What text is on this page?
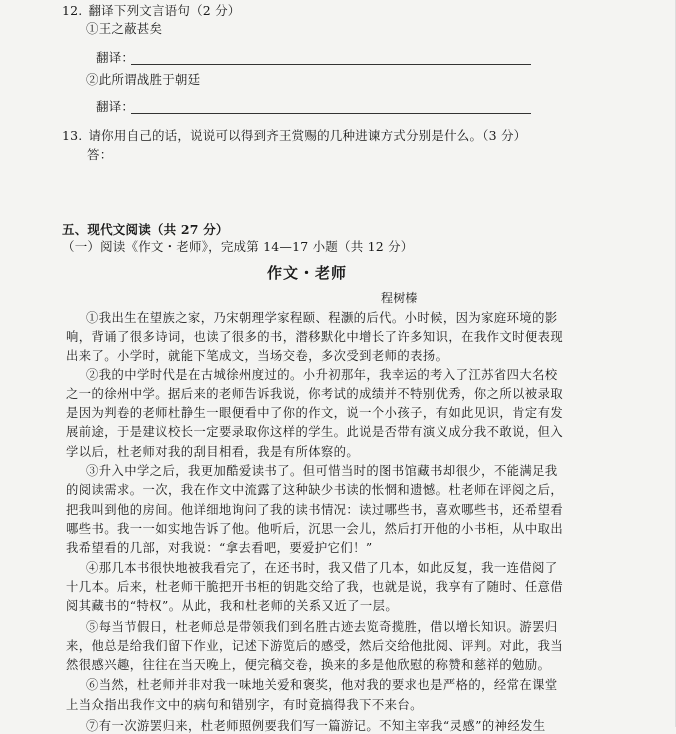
12. 翻译下列文言语句（2 分）
①王之蔽甚矣
翻译：
②此所谓战胜于朝廷
翻译：
13. 请你用自己的话，说说可以得到齐王赏赐的几种进谏方式分别是什么。（3 分）
答：
五、现代文阅读（共 27 分）
（一）阅读《作文・老师》，完成第 14—17 小题（共 12 分）
作文・老师
程树榛
①我出生在望族之家，乃宋朝理学家程颐、程灏的后代。小时候，因为家庭环境的影
响，背诵了很多诗词，也读了很多的书，潜移默化中增长了许多知识，在我作文时便表现
出来了。小学时，就能下笔成文，当场交卷，多次受到老师的表扬。
②我的中学时代是在古城徐州度过的。小升初那年，我幸运的考入了江苏省四大名校
之一的徐州中学。据后来的老师告诉我说，你考试的成绩并不特别优秀，你之所以被录取
是因为判卷的老师杜静生一眼便看中了你的作文，说一个小孩子，有如此见识，肯定有发
展前途，于是建议校长一定要录取你这样的学生。此说是否带有演义成分我不敢说，但入
学以后，杜老师对我的刮目相看，我是有所体察的。
③升入中学之后，我更加酷爱读书了。但可惜当时的图书馆藏书却很少，不能满足我
的阅读需求。一次，我在作文中流露了这种缺少书读的怅惘和遗憾。杜老师在评阅之后，
把我叫到他的房间。他详细地询问了我的读书情况：读过哪些书，喜欢哪些书，还希望看
哪些书。我一一如实地告诉了他。他听后，沉思一会儿，然后打开他的小书柜，从中取出
我希望看的几部，对我说：“拿去看吧，要爱护它们！”
④那几本书很快地被我看完了，在还书时，我又借了几本，如此反复，我一连借阅了
十几本。后来，杜老师干脆把开书柜的钥匙交给了我，也就是说，我享有了随时、任意借
阅其藏书的“特权”。从此，我和杜老师的关系又近了一层。
⑤每当节假日，杜老师总是带领我们到名胜古迹去览奇揽胜，借以增长知识。游罢归
来，他总是给我们留下作业，记述下游览后的感受，然后交给他批阅、评判。对此，我当
然很感兴趣，往往在当天晚上，便完稿交卷，换来的多是他欣慰的称赞和慈祥的勉励。
⑥当然，杜老师并非对我一味地关爱和褒奖，他对我的要求也是严格的，经常在课堂
上当众指出我作文中的病句和错别字，有时竟搞得我下不来台。
⑦有一次游罢归来，杜老师照例要我们写一篇游记。不知主宰我“灵感”的神经发生
